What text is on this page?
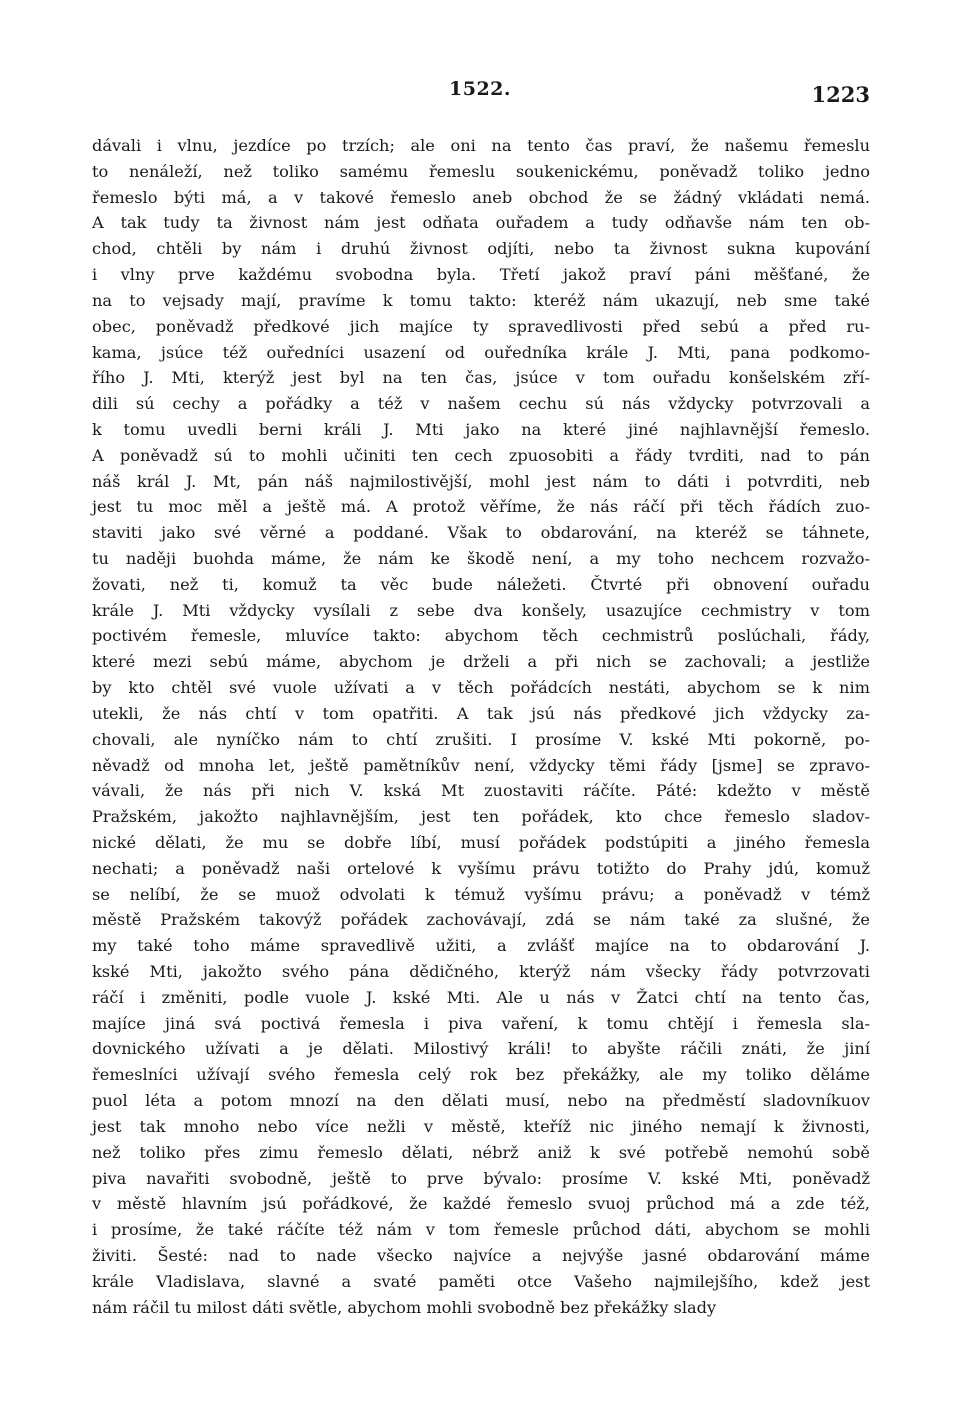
1522.	1223
dávali i vlnu, jezdíce po trzích; ale oni na tento čas praví, že našemu řemeslu
to nenáleží, než toliko samému řemeslu soukenickému, poněvadž toliko jedno
řemeslo býti má, a v takové řemeslo aneb obchod že se žádný vkládati nemá.
A tak tudy ta živnost nám jest odňata ouřadem a tudy odňavše nám ten ob-
chod, chtěli by nám i druhú živnost odjíti, nebo ta živnost sukna kupování
i vlny prve každému svobodna byla. Třetí jakož praví páni měšťané, že
na to vejsady mají, pravíme k tomu takto: kteréž nám ukazují, neb sme také
obec, poněvadž předkové jich majíce ty spravedlivosti před sebú a před ru-
kama, jsúce též ouředníci usazení od ouředníka krále J. Mti, pana podkomo-
řího J. Mti, kterýž jest byl na ten čas, jsúce v tom ouřadu konšelském zří-
dili sú cechy a pořádky a též v našem cechu sú nás vždycky potvrzovali a
k tomu uvedli berni králi J. Mti jako na které jiné najhlavnější řemeslo.
A poněvadž sú to mohli učiniti ten cech zpuosobiti a řády tvrditi, nad to pán
náš král J. Mt, pán náš najmilostivější, mohl jest nám to dáti i potvrditi, neb
jest tu moc měl a ještě má. A protož věříme, že nás ráčí při těch řádích zuo-
staviti jako své věrné a poddané. Však to obdarování, na kteréž se táhnete,
tu naději buohda máme, že nám ke škodě není, a my toho nechcem rozvažo-
žovati, než ti, komuž ta věc bude náležeti. Čtvrté při obnovení ouřadu
krále J. Mti vždycky vysílali z sebe dva konšely, usazujíce cechmistry v tom
poctivém řemesle, mluvíce takto: abychom těch cechmistrů poslúchali, řády,
které mezi sebú máme, abychom je drželi a při nich se zachovali; a jestliže
by kto chtěl své vuole užívati a v těch pořádcích nestáti, abychom se k nim
utekli, že nás chtí v tom opatřiti. A tak jsú nás předkové jich vždycky za-
chovali, ale nyníčko nám to chtí zrušiti. I prosíme V. kské Mti pokorně, po-
něvadž od mnoha let, ještě pamětníkův není, vždycky těmi řády [jsme] se zpravo-
vávali, že nás při nich V. kská Mt zuostaviti ráčíte. Páté: kdežto v městě
Pražském, jakožto najhlavnějším, jest ten pořádek, kto chce řemeslo sladov-
nické dělati, že mu se dobře líbí, musí pořádek podstúpiti a jiného řemesla
nechati; a poněvadž naši ortelové k vyšímu právu totižto do Prahy jdú, komuž
se nelíbí, že se muož odvolati k témuž vyšímu právu; a poněvadž v témž
městě Pražském takovýž pořádek zachovávají, zdá se nám také za slušné, že
my také toho máme spravedlivě užiti, a zvlášť majíce na to obdarování J.
kské Mti, jakožto svého pána dědičného, kterýž nám všecky řády potvrzovati
ráčí i změniti, podle vuole J. kské Mti. Ale u nás v Žatci chtí na tento čas,
majíce jiná svá poctivá řemesla i piva vaření, k tomu chtějí i řemesla sla-
dovnického užívati a je dělati. Milostivý králi! to abyšte ráčili znáti, že jiní
řemeslníci užívají svého řemesla celý rok bez překážky, ale my toliko děláme
puol léta a potom mnozí na den dělati musí, nebo na předměstí sladovníkuov
jest tak mnoho nebo více nežli v městě, kteříž nic jiného nemají k živnosti,
než toliko přes zimu řemeslo dělati, nébrž aniž k své potřebě nemohú sobě
piva navařiti svobodně, ještě to prve bývalo: prosíme V. kské Mti, poněvadž
v městě hlavním jsú pořádkové, že každé řemeslo svuoj průchod má a zde též,
i prosíme, že také ráčíte též nám v tom řemesle průchod dáti, abychom se mohli
živiti. Šesté: nad to nade všecko najvíce a nejvýše jasné obdarování máme
krále Vladislava, slavné a svaté paměti otce Vašeho najmilejšího, kdež jest
nám ráčil tu milost dáti světle, abychom mohli svobodně bez překážky slady
